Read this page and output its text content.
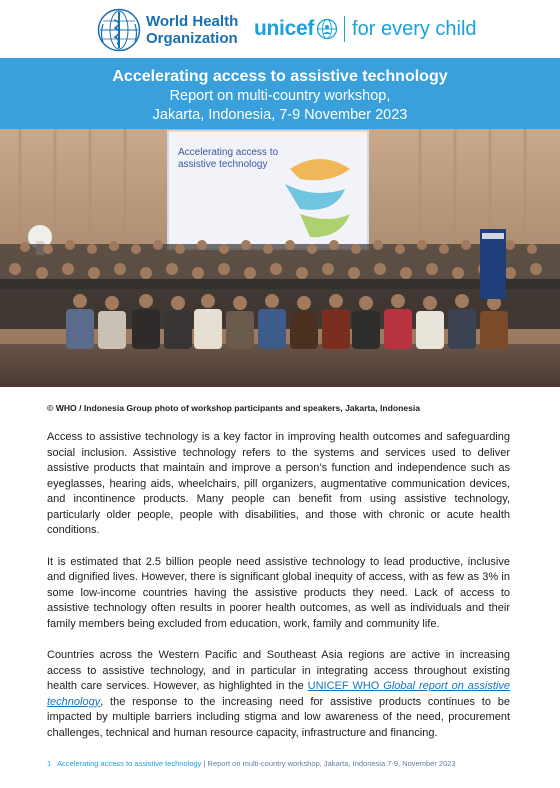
World Health
Organization unicef for every child
Accelerating access to assistive technology
Report on multi-country workshop,
Jakarta, Indonesia, 7-9 November 2023
Accelerating access to
assistive technology
© WHO / Indonesia Group photo of workshop participants and speakers, Jakarta, Indonesia

Access to assistive technology is a key factor in improving health outcomes and safeguarding social inclusion. Assistive technology refers to the systems and services used to deliver assistive products that maintain and improve a person’s function and independence such as eyeglasses, hearing aids, wheelchairs, pill organizers, augmentative communication devices, and incontinence products. Many people can benefit from using assistive technology, particularly older people, people with disabilities, and those with chronic or acute health conditions.

It is estimated that 2.5 billion people need assistive technology to lead productive, inclusive and dignified lives. However, there is significant global inequity of access, with as few as 3% in some low-income countries having the assistive products they need. Lack of access to assistive technology often results in poorer health outcomes, as well as individuals and their family members being excluded from education, work, family and community life.

Countries across the Western Pacific and Southeast Asia regions are active in increasing access to assistive technology, and in particular in integrating access throughout existing health care services. However, as highlighted in the UNICEF WHO Global report on assistive technology, the response to the increasing need for assistive products continues to be impacted by multiple barriers including stigma and low awareness of the need, procurement challenges, technical and human resource capacity, infrastructure and financing.

1 Accelerating access to assistive technology | Report on multi-country workshop, Jakarta, Indonesia 7-9, November 2023
